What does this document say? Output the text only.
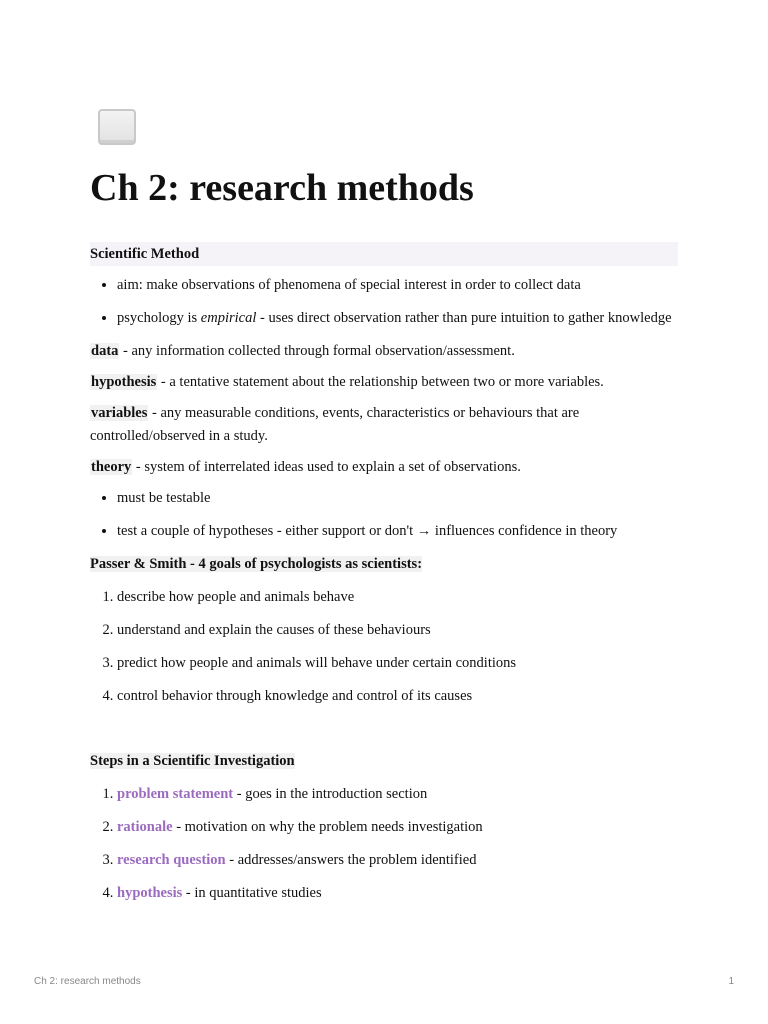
Ch 2: research methods
Scientific Method
• aim: make observations of phenomena of special interest in order to collect data
• psychology is empirical - uses direct observation rather than pure intuition to gather knowledge

data - any information collected through formal observation/assessment.

hypothesis - a tentative statement about the relationship between two or more variables.

variables - any measurable conditions, events, characteristics or behaviours that are controlled/observed in a study.

theory - system of interrelated ideas used to explain a set of observations.

• must be testable
• test a couple of hypotheses - either support or don't → influences confidence in theory

Passer & Smith - 4 goals of psychologists as scientists:

1. describe how people and animals behave
2. understand and explain the causes of these behaviours
3. predict how people and animals will behave under certain conditions
4. control behavior through knowledge and control of its causes

Steps in a Scientific Investigation

1. problem statement - goes in the introduction section
2. rationale - motivation on why the problem needs investigation
3. research question - addresses/answers the problem identified
4. hypothesis - in quantitative studies
Ch 2: research methods	1
